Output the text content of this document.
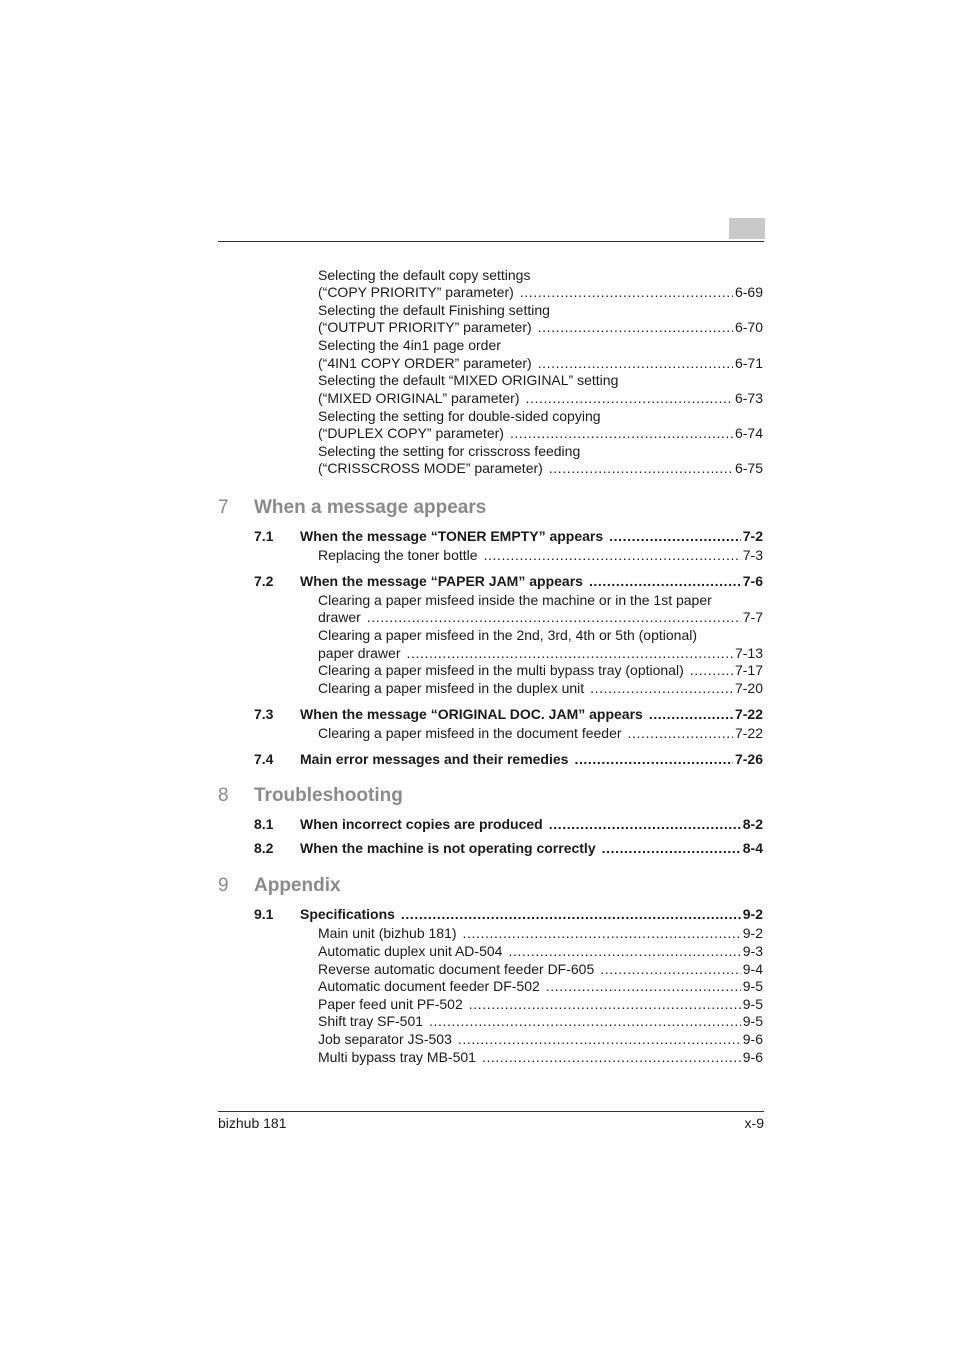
Selecting the default copy settings
(“COPY PRIORITY” parameter) .....	6-69
Selecting the default Finishing setting
(“OUTPUT PRIORITY” parameter) .....	6-70
Selecting the 4in1 page order
(“4IN1 COPY ORDER” parameter) .....	6-71
Selecting the default “MIXED ORIGINAL” setting
(“MIXED ORIGINAL” parameter) .....	6-73
Selecting the setting for double-sided copying
(“DUPLEX COPY” parameter) .....	6-74
Selecting the setting for crisscross feeding
(“CRISSCROSS MODE” parameter) .....	6-75
7	When a message appears
7.1	When the message “TONER EMPTY” appears .....	7-2
Replacing the toner bottle .....	7-3
7.2	When the message “PAPER JAM” appears .....	7-6
Clearing a paper misfeed inside the machine or in the 1st paper
drawer .....	7-7
Clearing a paper misfeed in the 2nd, 3rd, 4th or 5th (optional)
paper drawer .....	7-13
Clearing a paper misfeed in the multi bypass tray (optional) .....	7-17
Clearing a paper misfeed in the duplex unit .....	7-20
7.3	When the message “ORIGINAL DOC. JAM” appears .....	7-22
Clearing a paper misfeed in the document feeder .....	7-22
7.4	Main error messages and their remedies .....	7-26
8	Troubleshooting
8.1	When incorrect copies are produced .....	8-2
8.2	When the machine is not operating correctly .....	8-4
9	Appendix
9.1	Specifications .....	9-2
Main unit (bizhub 181) .....	9-2
Automatic duplex unit AD-504 .....	9-3
Reverse automatic document feeder DF-605 .....	9-4
Automatic document feeder DF-502 .....	9-5
Paper feed unit PF-502 .....	9-5
Shift tray SF-501 .....	9-5
Job separator JS-503 .....	9-6
Multi bypass tray MB-501 .....	9-6
bizhub 181	x-9
